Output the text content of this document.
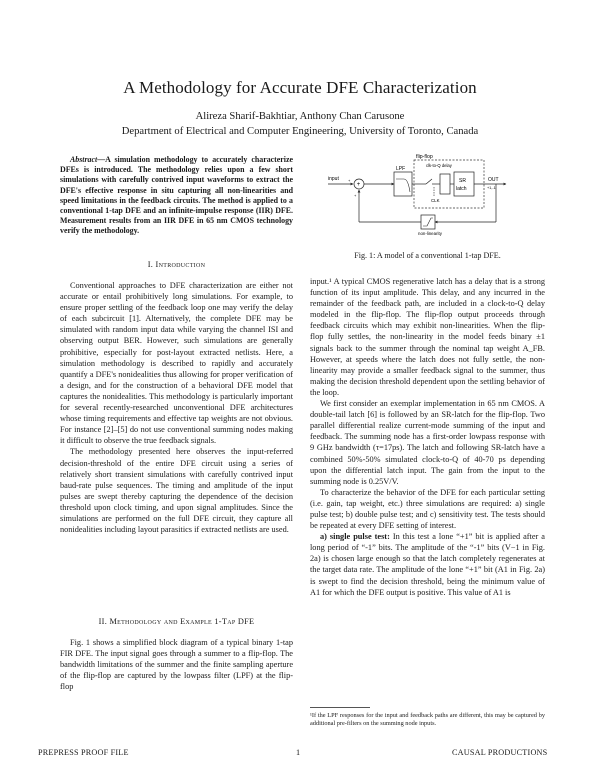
A Methodology for Accurate DFE Characterization
Alireza Sharif-Bakhtiar, Anthony Chan Carusone
Department of Electrical and Computer Engineering, University of Toronto, Canada

Abstract—A simulation methodology to accurately characterize DFEs is introduced. The methodology relies upon a few short simulations with carefully contrived input waveforms to extract the DFE's effective response in situ capturing all non-linearities and speed limitations in the feedback circuits. The method is applied to a conventional 1-tap DFE and an infinite-impulse response (IIR) DFE. Measurement results from an IIR DFE in 65 nm CMOS technology verify the methodology.

flip-flop
clk-to-Q delay
+
input +
LPF
SR
latch
CLK
OUT
+1,-1
non-linearity
+
Fig. 1: A model of a conventional 1-tap DFE.
I. Introduction

Conventional approaches to DFE characterization are either not accurate or entail prohibitively long simulations. For example, to ensure proper settling of the feedback loop one may verify the delay of each subcircuit [1]. Alternatively, the complete DFE may be simulated with random input data while varying the channel ISI and observing output BER. However, such simulations are generally prohibitive, especially for post-layout extracted netlists. Here, a simulation methodology is described to rapidly and accurately quantify a DFE's nonidealities thus allowing for proper verification of a design, and for the construction of a behavioral DFE model that captures the nonidealities. This methodology is particularly important for several recently-researched unconventional DFE architectures whose timing requirements and effective tap weights are not obvious. For instance [2]–[5] do not use conventional summing nodes making it difficult to observe the true feedback signals.

The methodology presented here observes the input-referred decision-threshold of the entire DFE circuit using a series of relatively short transient simulations with carefully contrived input baud-rate pulse sequences. The timing and amplitude of the input pulses are swept thereby capturing the dependence of the decision threshold upon clock timing, and upon signal amplitudes. Since the simulations are performed on the full DFE circuit, they capture all nonidealities including layout parasitics if extracted netlists are used.

II. Methodology and Example 1-Tap DFE

Fig. 1 shows a simplified block diagram of a typical binary 1-tap FIR DFE. The input signal goes through a summer to a flip-flop. The bandwidth limitations of the summer and the finite sampling aperture of the flip-flop are captured by the lowpass filter (LPF) at the flip-flop

input.¹ A typical CMOS regenerative latch has a delay that is a strong function of its input amplitude. This delay, and any incurred in the remainder of the feedback path, are included in a clock-to-Q delay modeled in the flip-flop. The flip-flop output proceeds through feedback circuits which may exhibit non-linearities. When the flip-flop fully settles, the non-linearity in the model feeds binary ±1 signals back to the summer through the nominal tap weight A_FB. However, at speeds where the latch does not fully settle, the non-linearity may provide a smaller feedback signal to the summer, thus making the decision threshold dependent upon the settling behavior of the loop.

We first consider an exemplar implementation in 65 nm CMOS. A double-tail latch [6] is followed by an SR-latch for the flip-flop. Two parallel differential realize current-mode summing of the input and feedback. The summing node has a first-order lowpass response with 9 GHz bandwidth (τ=17ps). The latch and following SR-latch have a combined 50%-50% simulated clock-to-Q of 40-70 ps depending upon the differential latch input. The gain from the input to the summing node is 0.25V/V.

To characterize the behavior of the DFE for each particular setting (i.e. gain, tap weight, etc.) three simulations are required: a) single pulse test; b) double pulse test; and c) sensitivity test. The tests should be repeated at every DFE setting of interest.

a) single pulse test: In this test a lone “+1” bit is applied after a long period of “-1” bits. The amplitude of the “-1” bits (V−1 in Fig. 2a) is chosen large enough so that the latch completely regenerates at the target data rate. The amplitude of the lone “+1” bit (A1 in Fig. 2a) is swept to find the decision threshold, being the minimum value of A1 for which the DFE output is positive. This value of A1 is

¹If the LPF responses for the input and feedback paths are different, this may be captured by additional pre-filters on the summing node inputs.
PREPRESS PROOF FILE	1	CAUSAL PRODUCTIONS
